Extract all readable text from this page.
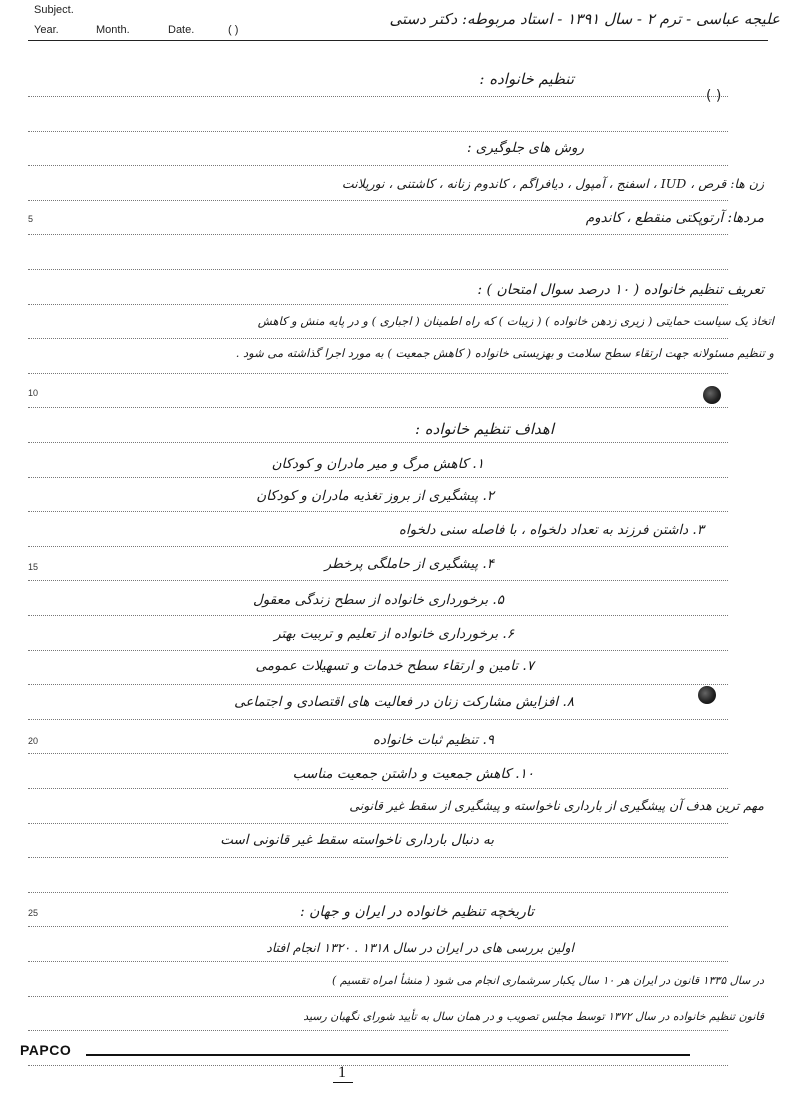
Subject.
Year.	Month.	Date.	( )
علیجه عباسی - ترم ۲ - سال ۱۳۹۱ - استاد مربوطه: دکتر دستی
5
10
15
20
25
( )
تنظیم خانواده :
روش های جلوگیری :
زن ها: قرص ، IUD ، اسفنج ، آمپول ، دیافراگم ، کاندوم زنانه ، کاشتنی ، نورپلانت
مردها: آرتوپکتی منقطع ، کاندوم
تعریف تنظیم خانواده ( ۱۰ درصد سوال امتحان ) :
اتخاذ یک سیاست حمایتی ( زیری زدهن خانواده ) ( زیبات ) که راه اطمینان ( اجباری ) و در پایه منش و کاهش
و تنظیم مسئولانه جهت ارتقاء سطح سلامت و بهزیستی خانواده ( کاهش جمعیت ) به مورد اجرا گذاشته می شود .
اهداف تنظیم خانواده :
۱. کاهش مرگ و میر مادران و کودکان
۲. پیشگیری از بروز تغذیه مادران و کودکان
۳. داشتن فرزند به تعداد دلخواه ، با فاصله سنی دلخواه
۴. پیشگیری از حاملگی پرخطر
۵. برخورداری خانواده از سطح زندگی معقول
۶. برخورداری خانواده از تعلیم و تربیت بهتر
۷. تامین و ارتقاء سطح خدمات و تسهیلات عمومی
۸. افزایش مشارکت زنان در فعالیت های اقتصادی و اجتماعی
۹. تنظیم ثبات خانواده
۱۰. کاهش جمعیت و داشتن جمعیت مناسب
مهم ترین هدف آن پیشگیری از بارداری ناخواسته و پیشگیری از سقط غیر قانونی
به دنبال بارداری ناخواسته سقط غیر قانونی است
تاریخچه تنظیم خانواده در ایران و جهان :
اولین بررسی های در ایران در سال ۱۳۱۸ . ۱۳۲۰ انجام افتاد
در سال ۱۳۳۵ قانون در ایران هر ۱۰ سال یکبار سرشماری انجام می شود ( منشأ امراه تقسیم )
قانون تنظیم خانواده در سال ۱۳۷۲ توسط مجلس تصویب و در همان سال به تأیید شورای نگهبان رسید
PAPCO
1
